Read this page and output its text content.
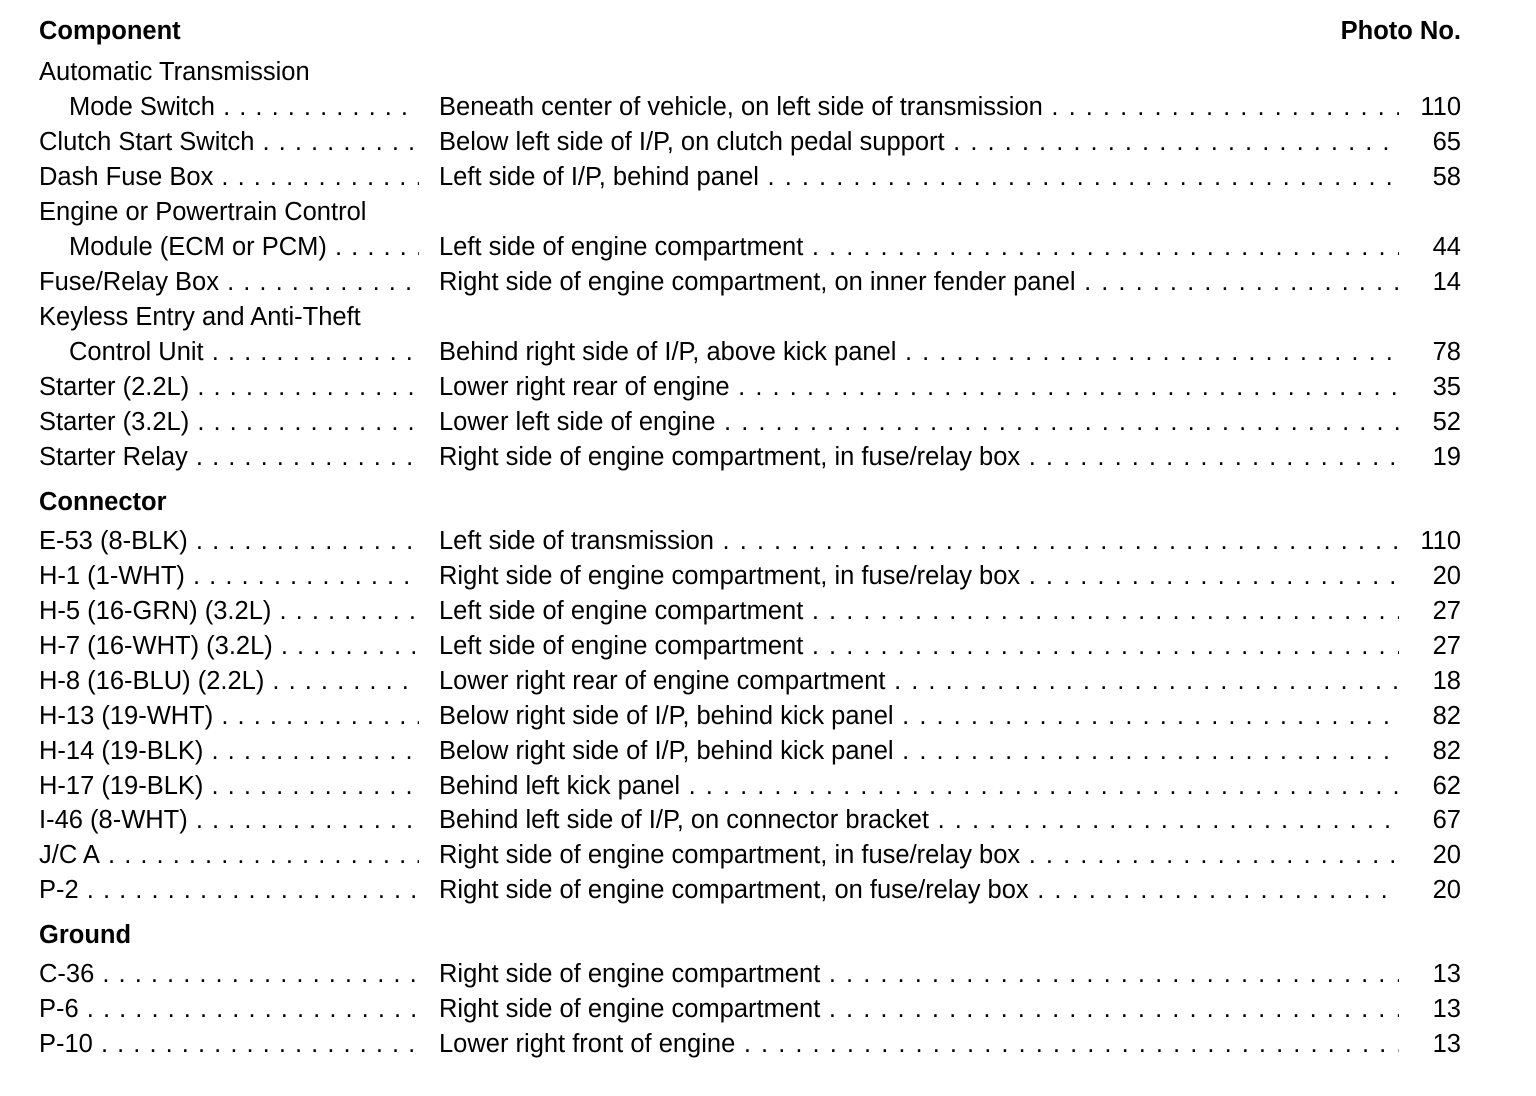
Component	Photo No.
Automatic Transmission
Mode Switch . . .	Beneath center of vehicle, on left side of transmission . . .	110
Clutch Start Switch . . .	Below left side of I/P, on clutch pedal support . . .	65
Dash Fuse Box . . .	Left side of I/P, behind panel . . .	58
Engine or Powertrain Control
Module (ECM or PCM) . . .	Left side of engine compartment . . .	44
Fuse/Relay Box . . .	Right side of engine compartment, on inner fender panel . . .	14
Keyless Entry and Anti-Theft
Control Unit . . .	Behind right side of I/P, above kick panel . . .	78
Starter (2.2L) . . .	Lower right rear of engine . . .	35
Starter (3.2L) . . .	Lower left side of engine . . .	52
Starter Relay . . .	Right side of engine compartment, in fuse/relay box . . .	19
Connector
E-53 (8-BLK) . . .	Left side of transmission . . .	110
H-1 (1-WHT) . . .	Right side of engine compartment, in fuse/relay box . . .	20
H-5 (16-GRN) (3.2L) . . .	Left side of engine compartment . . .	27
H-7 (16-WHT) (3.2L) . . .	Left side of engine compartment . . .	27
H-8 (16-BLU) (2.2L) . . .	Lower right rear of engine compartment . . .	18
H-13 (19-WHT) . . .	Below right side of I/P, behind kick panel . . .	82
H-14 (19-BLK) . . .	Below right side of I/P, behind kick panel . . .	82
H-17 (19-BLK) . . .	Behind left kick panel . . .	62
I-46 (8-WHT) . . .	Behind left side of I/P, on connector bracket . . .	67
J/C A . . .	Right side of engine compartment, in fuse/relay box . . .	20
P-2 . . .	Right side of engine compartment, on fuse/relay box . . .	20
Ground
C-36 . . .	Right side of engine compartment . . .	13
P-6 . . .	Right side of engine compartment . . .	13
P-10 . . .	Lower right front of engine . . .	13
